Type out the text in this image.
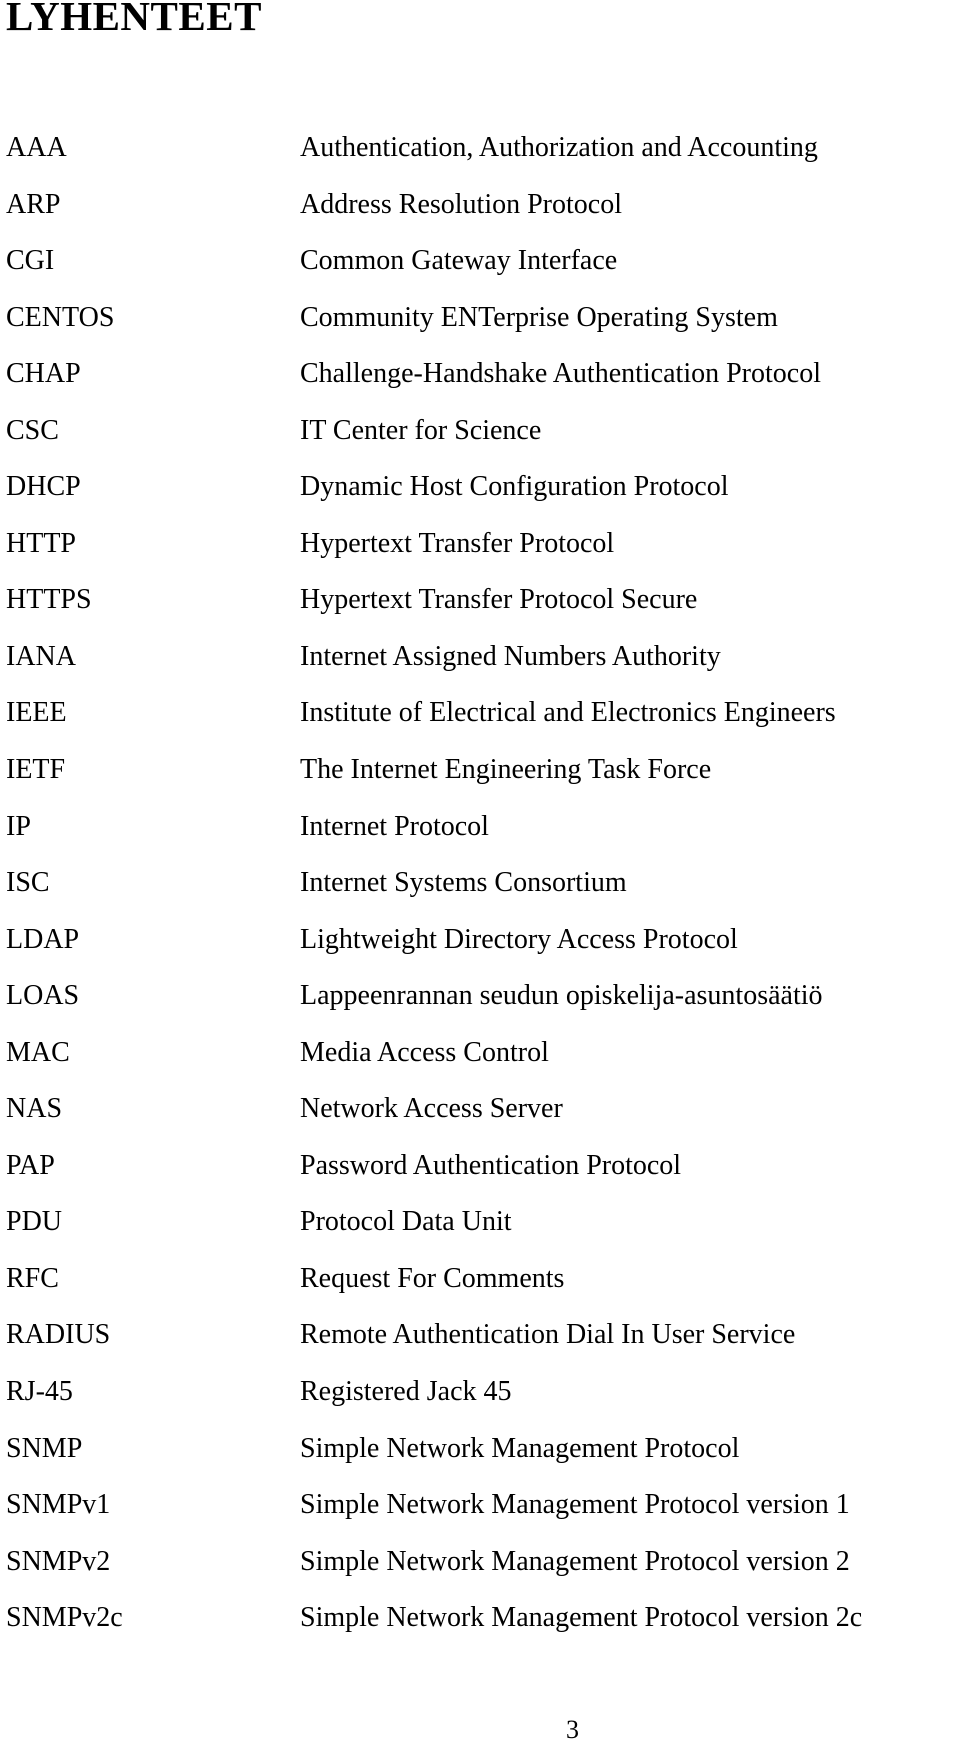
LYHENTEET
AAA	Authentication, Authorization and Accounting
ARP	Address Resolution Protocol
CGI	Common Gateway Interface
CENTOS	Community ENTerprise Operating System
CHAP	Challenge-Handshake Authentication Protocol
CSC	IT Center for Science
DHCP	Dynamic Host Configuration Protocol
HTTP	Hypertext Transfer Protocol
HTTPS	Hypertext Transfer Protocol Secure
IANA	Internet Assigned Numbers Authority
IEEE	Institute of Electrical and Electronics Engineers
IETF	The Internet Engineering Task Force
IP	Internet Protocol
ISC	Internet Systems Consortium
LDAP	Lightweight Directory Access Protocol
LOAS	Lappeenrannan seudun opiskelija-asuntosäätiö
MAC	Media Access Control
NAS	Network Access Server
PAP	Password Authentication Protocol
PDU	Protocol Data Unit
RFC	Request For Comments
RADIUS	Remote Authentication Dial In User Service
RJ-45	Registered Jack 45
SNMP	Simple Network Management Protocol
SNMPv1	Simple Network Management Protocol version 1
SNMPv2	Simple Network Management Protocol version 2
SNMPv2c	Simple Network Management Protocol version 2c
3
